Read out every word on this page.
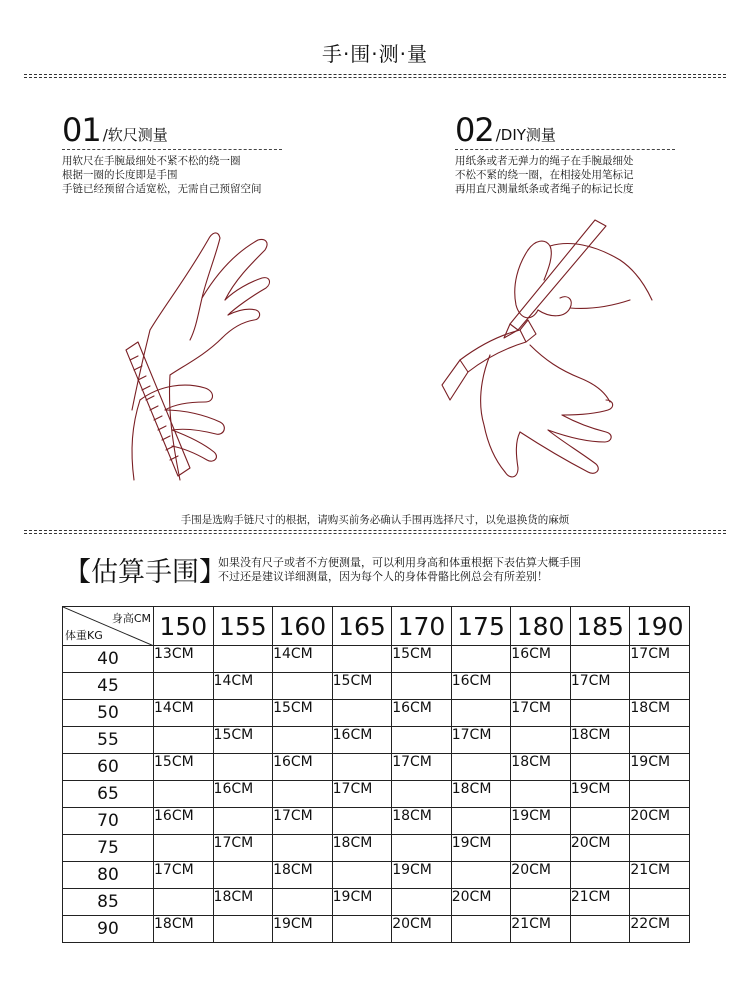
手·围·测·量
01 /软尺测量
用软尺在手腕最细处不紧不松的绕一圈
根据一圈的长度即是手围
手链已经预留合适宽松，无需自己预留空间
02 /DIY测量
用纸条或者无弹力的绳子在手腕最细处
不松不紧的绕一圈，在相接处用笔标记
再用直尺测量纸条或者绳子的标记长度
手围是选购手链尺寸的根据，请购买前务必确认手围再选择尺寸，以免退换货的麻烦
【估算手围】
如果没有尺子或者不方便测量，可以利用身高和体重根据下表估算大概手围
不过还是建议详细测量，因为每个人的身体骨骼比例总会有所差别！
身高CM
体重KG	150	155	160	165	170	175	180	185	190
40	13CM		14CM		15CM		16CM		17CM
45		14CM		15CM		16CM		17CM	
50	14CM		15CM		16CM		17CM		18CM
55		15CM		16CM		17CM		18CM	
60	15CM		16CM		17CM		18CM		19CM
65		16CM		17CM		18CM		19CM	
70	16CM		17CM		18CM		19CM		20CM
75		17CM		18CM		19CM		20CM	
80	17CM		18CM		19CM		20CM		21CM
85		18CM		19CM		20CM		21CM	
90	18CM		19CM		20CM		21CM		22CM
